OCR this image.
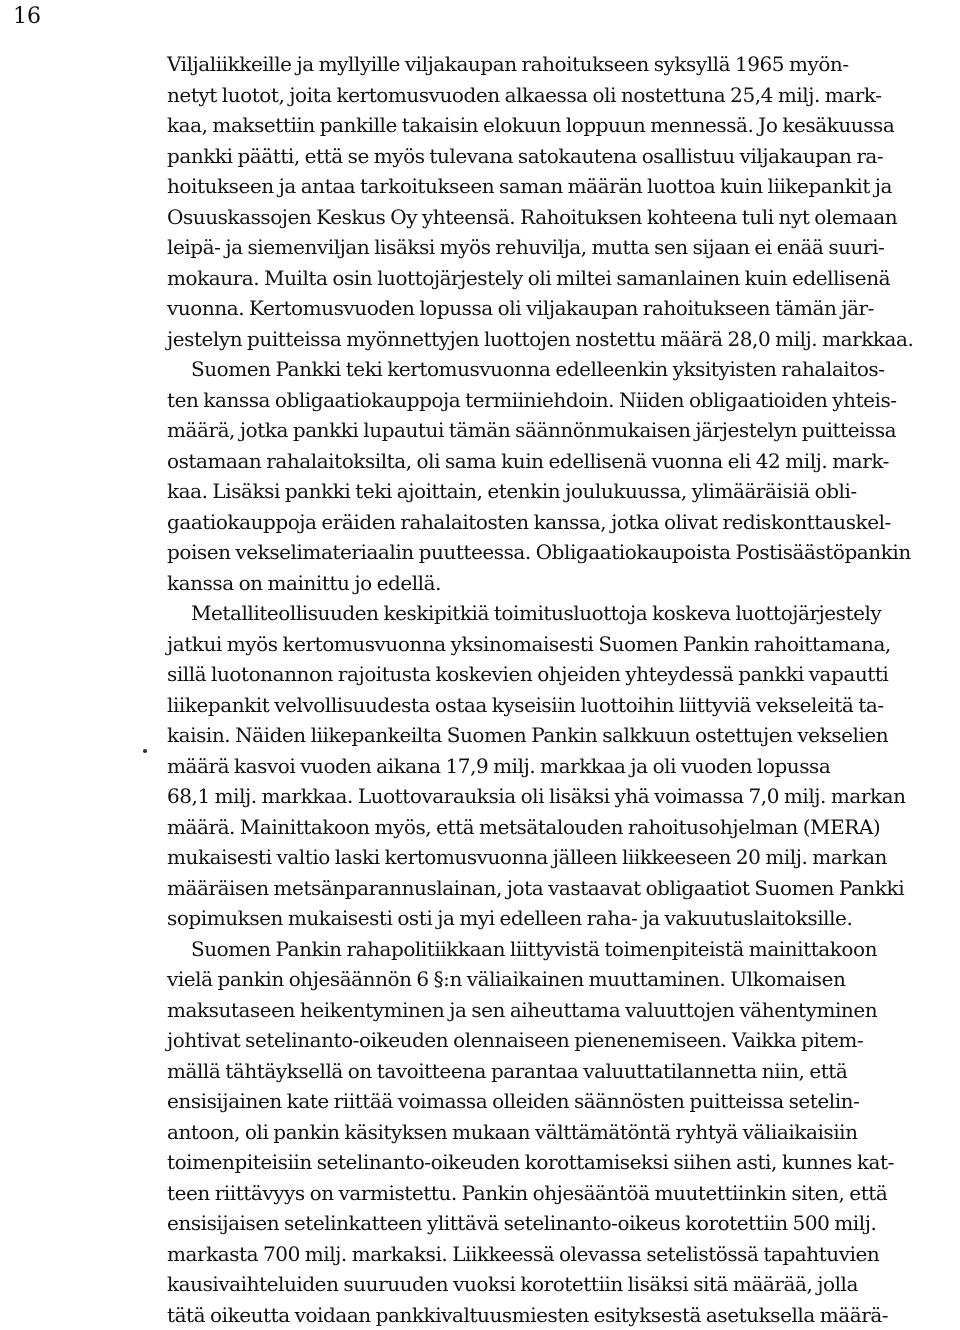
16
Viljaliikkeille ja myllyille viljakaupan rahoitukseen syksyllä 1965 myön-
netyt luotot, joita kertomusvuoden alkaessa oli nostettuna 25,4 milj. mark-
kaa, maksettiin pankille takaisin elokuun loppuun mennessä. Jo kesäkuussa
pankki päätti, että se myös tulevana satokautena osallistuu viljakaupan ra-
hoitukseen ja antaa tarkoitukseen saman määrän luottoa kuin liikepankit ja
Osuuskassojen Keskus Oy yhteensä. Rahoituksen kohteena tuli nyt olemaan
leipä- ja siemenviljan lisäksi myös rehuvilja, mutta sen sijaan ei enää suuri-
mokaura. Muilta osin luottojärjestely oli miltei samanlainen kuin edellisenä
vuonna. Kertomusvuoden lopussa oli viljakaupan rahoitukseen tämän jär-
jestelyn puitteissa myönnettyjen luottojen nostettu määrä 28,0 milj. markkaa.
Suomen Pankki teki kertomusvuonna edelleenkin yksityisten rahalaitos-
ten kanssa obligaatiokauppoja termiiniehdoin. Niiden obligaatioiden yhteis-
määrä, jotka pankki lupautui tämän säännönmukaisen järjestelyn puitteissa
ostamaan rahalaitoksilta, oli sama kuin edellisenä vuonna eli 42 milj. mark-
kaa. Lisäksi pankki teki ajoittain, etenkin joulukuussa, ylimääräisiä obli-
gaatiokauppoja eräiden rahalaitosten kanssa, jotka olivat rediskonttauskel-
poisen vekselimateriaalin puutteessa. Obligaatiokaupoista Postisäästöpankin
kanssa on mainittu jo edellä.
Metalliteollisuuden keskipitkiä toimitusluottoja koskeva luottojärjestely
jatkui myös kertomusvuonna yksinomaisesti Suomen Pankin rahoittamana,
sillä luotonannon rajoitusta koskevien ohjeiden yhteydessä pankki vapautti
liikepankit velvollisuudesta ostaa kyseisiin luottoihin liittyviä vekseleitä ta-
kaisin. Näiden liikepankeilta Suomen Pankin salkkuun ostettujen vekselien
määrä kasvoi vuoden aikana 17,9 milj. markkaa ja oli vuoden lopussa
68,1 milj. markkaa. Luottovarauksia oli lisäksi yhä voimassa 7,0 milj. markan
määrä. Mainittakoon myös, että metsätalouden rahoitusohjelman (MERA)
mukaisesti valtio laski kertomusvuonna jälleen liikkeeseen 20 milj. markan
määräisen metsänparannuslainan, jota vastaavat obligaatiot Suomen Pankki
sopimuksen mukaisesti osti ja myi edelleen raha- ja vakuutuslaitoksille.
Suomen Pankin rahapolitiikkaan liittyvistä toimenpiteistä mainittakoon
vielä pankin ohjesäännön 6 §:n väliaikainen muuttaminen. Ulkomaisen
maksutaseen heikentyminen ja sen aiheuttama valuuttojen vähentyminen
johtivat setelinanto-oikeuden olennaiseen pienenemiseen. Vaikka pitem-
mällä tähtäyksellä on tavoitteena parantaa valuuttatilannetta niin, että
ensisijainen kate riittää voimassa olleiden säännösten puitteissa setelin-
antoon, oli pankin käsityksen mukaan välttämätöntä ryhtyä väliaikaisiin
toimenpiteisiin setelinanto-oikeuden korottamiseksi siihen asti, kunnes kat-
teen riittävyys on varmistettu. Pankin ohjesääntöä muutettiinkin siten, että
ensisijaisen setelinkatteen ylittävä setelinanto-oikeus korotettiin 500 milj.
markasta 700 milj. markaksi. Liikkeessä olevassa setelistössä tapahtuvien
kausivaihteluiden suuruuden vuoksi korotettiin lisäksi sitä määrää, jolla
tätä oikeutta voidaan pankkivaltuusmiesten esityksestä asetuksella määrä-
